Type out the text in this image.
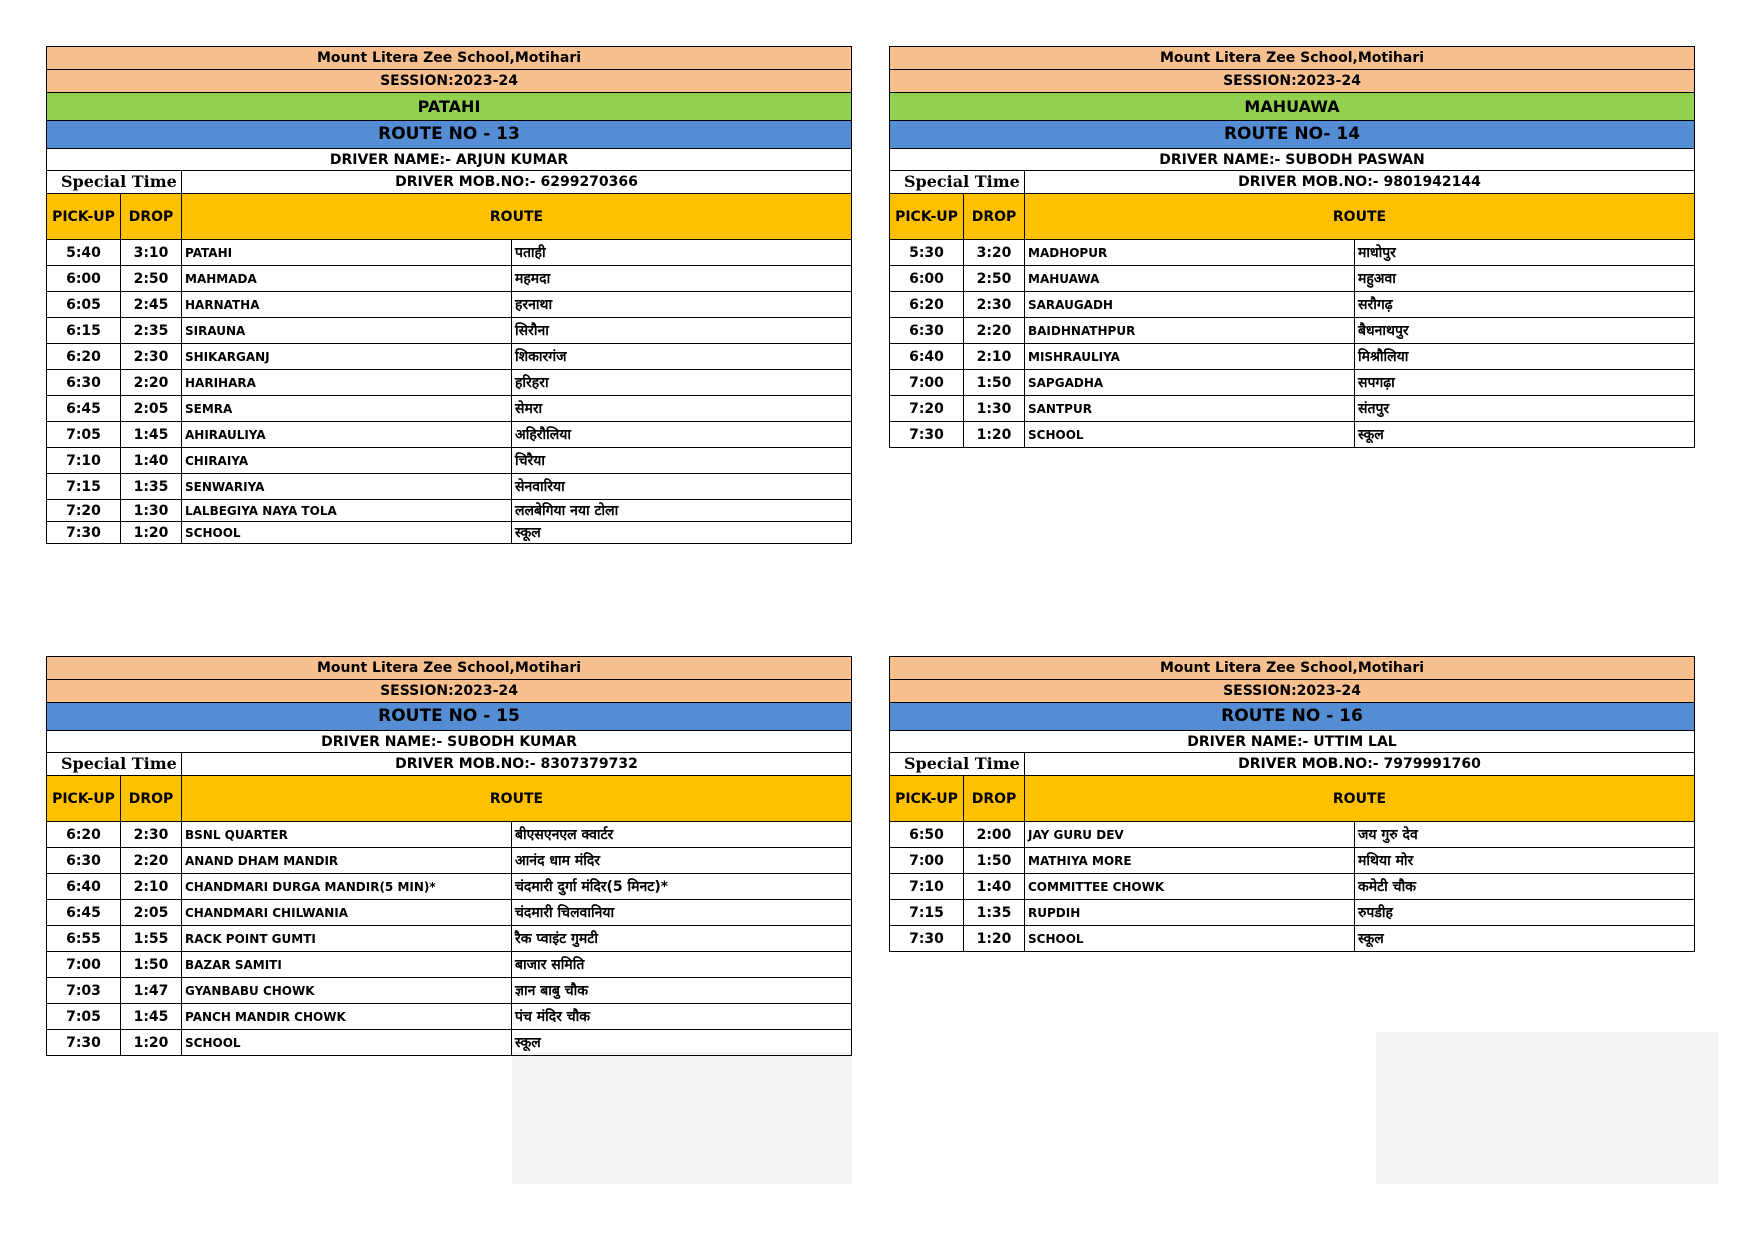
Mount Litera Zee School,Motihari			
SESSION:2023-24			
PATAHI			
ROUTE NO - 13			
DRIVER NAME:- ARJUN KUMAR			
Special Time		DRIVER MOB.NO:- 6299270366	
PICK-UP	DROP	ROUTE	
5:40	3:10	PATAHI	पताही
6:00	2:50	MAHMADA	महमदा
6:05	2:45	HARNATHA	हरनाथा
6:15	2:35	SIRAUNA	सिरौना
6:20	2:30	SHIKARGANJ	शिकारगंज
6:30	2:20	HARIHARA	हरिहरा
6:45	2:05	SEMRA	सेमरा
7:05	1:45	AHIRAULIYA	अहिरौलिया
7:10	1:40	CHIRAIYA	चिरैया
7:15	1:35	SENWARIYA	सेनवारिया
7:20	1:30	LALBEGIYA NAYA TOLA	ललबेगिया नया टोला
7:30	1:20	SCHOOL	स्कूल
Mount Litera Zee School,Motihari			
SESSION:2023-24			
MAHUAWA			
ROUTE NO- 14			
DRIVER NAME:- SUBODH PASWAN			
Special Time		DRIVER MOB.NO:- 9801942144	
PICK-UP	DROP	ROUTE	
5:30	3:20	MADHOPUR	माधोपुर
6:00	2:50	MAHUAWA	महुअवा
6:20	2:30	SARAUGADH	सरौगढ़
6:30	2:20	BAIDHNATHPUR	बैधनाथपुर
6:40	2:10	MISHRAULIYA	मिश्रौलिया
7:00	1:50	SAPGADHA	सपगढ़ा
7:20	1:30	SANTPUR	संतपुर
7:30	1:20	SCHOOL	स्कूल
Mount Litera Zee School,Motihari			
SESSION:2023-24			
ROUTE NO - 15			
DRIVER NAME:- SUBODH KUMAR			
Special Time		DRIVER MOB.NO:- 8307379732	
PICK-UP	DROP	ROUTE	
6:20	2:30	BSNL QUARTER	बीएसएनएल क्वार्टर
6:30	2:20	ANAND DHAM MANDIR	आनंद धाम मंदिर
6:40	2:10	CHANDMARI DURGA MANDIR(5 MIN)*	चंदमारी दुर्गा मंदिर(5 मिनट)*
6:45	2:05	CHANDMARI CHILWANIA	चंदमारी चिलवानिया
6:55	1:55	RACK POINT GUMTI	रैक प्वाइंट गुमटी
7:00	1:50	BAZAR SAMITI	बाजार समिति
7:03	1:47	GYANBABU CHOWK	ज्ञान बाबु चौक
7:05	1:45	PANCH MANDIR CHOWK	पंच मंदिर चौक
7:30	1:20	SCHOOL	स्कूल
Mount Litera Zee School,Motihari			
SESSION:2023-24			
ROUTE NO - 16			
DRIVER NAME:- UTTIM LAL			
Special Time		DRIVER MOB.NO:- 7979991760	
PICK-UP	DROP	ROUTE	
6:50	2:00	JAY GURU DEV	जय गुरु देव
7:00	1:50	MATHIYA MORE	मथिया मोर
7:10	1:40	COMMITTEE CHOWK	कमेटी चौक
7:15	1:35	RUPDIH	रुपडीह
7:30	1:20	SCHOOL	स्कूल
